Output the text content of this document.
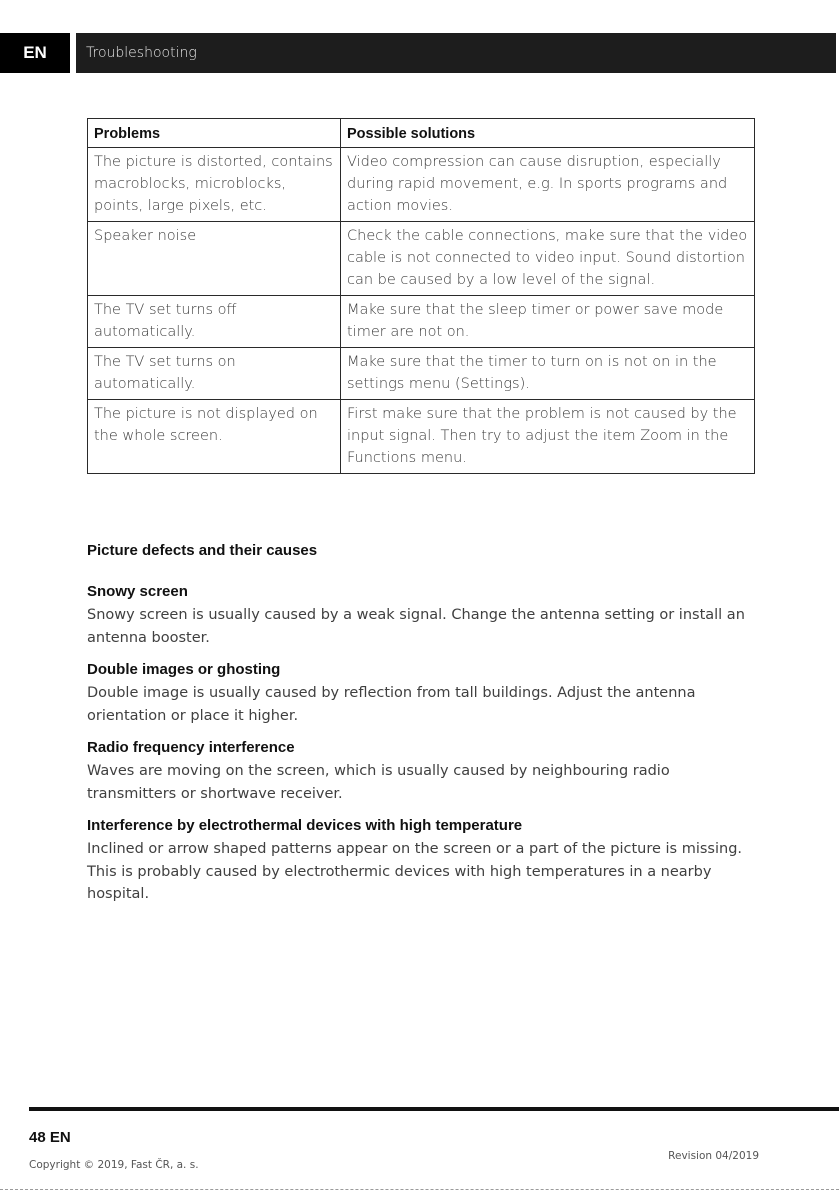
EN	Troubleshooting
Problems	Possible solutions
The picture is distorted, contains macroblocks, microblocks, points, large pixels, etc.	Video compression can cause disruption, especially during rapid movement, e.g. In sports programs and action movies.
Speaker noise	Check the cable connections, make sure that the video cable is not connected to video input. Sound distortion can be caused by a low level of the signal.
The TV set turns off automatically.	Make sure that the sleep timer or power save mode timer are not on.
The TV set turns on automatically.	Make sure that the timer to turn on is not on in the settings menu (Settings).
The picture is not displayed on the whole screen.	First make sure that the problem is not caused by the input signal. Then try to adjust the item Zoom in the Functions menu.
Picture defects and their causes
Snowy screen
Snowy screen is usually caused by a weak signal. Change the antenna setting or install an antenna booster.
Double images or ghosting
Double image is usually caused by reflection from tall buildings. Adjust the antenna orientation or place it higher.
Radio frequency interference
Waves are moving on the screen, which is usually caused by neighbouring radio transmitters or shortwave receiver.
Interference by electrothermal devices with high temperature
Inclined or arrow shaped patterns appear on the screen or a part of the picture is missing. This is probably caused by electrothermic devices with high temperatures in a nearby hospital.
48 EN
Copyright © 2019, Fast ČR, a. s.
Revision 04/2019
